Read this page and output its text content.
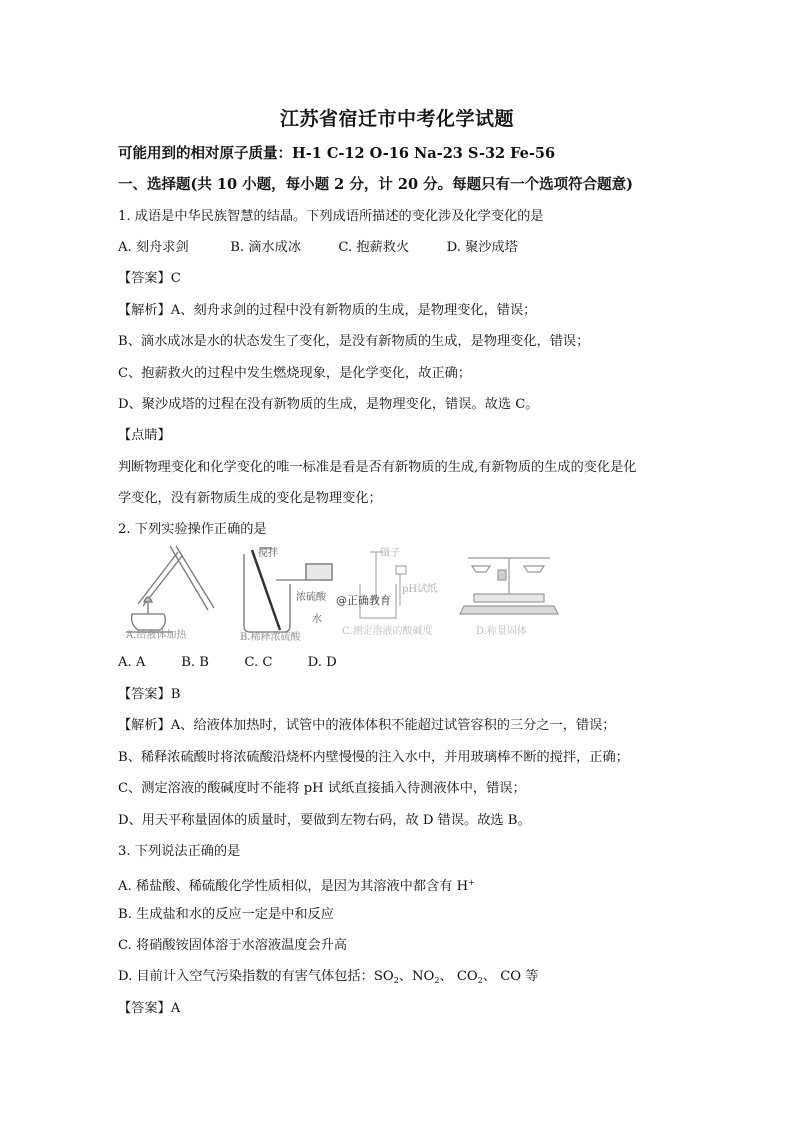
江苏省宿迁市中考化学试题
可能用到的相对原子质量：H-1 C-12 O-16 Na-23 S-32 Fe-56
一、选择题(共 10 小题，每小题 2 分，计 20 分。每题只有一个选项符合题意)
1. 成语是中华民族智慧的结晶。下列成语所描述的变化涉及化学变化的是
A. 刻舟求剑	B. 滴水成冰	C. 抱薪救火	D. 聚沙成塔
【答案】C
【解析】A、刻舟求剑的过程中没有新物质的生成，是物理变化，错误；
B、滴水成冰是水的状态发生了变化，是没有新物质的生成，是物理变化，错误；
C、抱薪救火的过程中发生燃烧现象，是化学变化，故正确；
D、聚沙成塔的过程在没有新物质的生成，是物理变化，错误。故选 C。
【点睛】
判断物理变化和化学变化的唯一标准是看是否有新物质的生成,有新物质的生成的变化是化
学变化，没有新物质生成的变化是物理变化；
2. 下列实验操作正确的是
A.给液体加热
搅拌
浓硫酸
水
B.稀释浓硫酸
镊子
pH试纸
@正确教育
C.测定溶液的酸碱度	D.称量固体
A. A	B. B	C. C	D. D
【答案】B
【解析】A、给液体加热时，试管中的液体体积不能超过试管容积的三分之一，错误；
B、稀释浓硫酸时将浓硫酸沿烧杯内壁慢慢的注入水中，并用玻璃棒不断的搅拌，正确；
C、测定溶液的酸碱度时不能将 pH 试纸直接插入待测液体中，错误；
D、用天平称量固体的质量时，要做到左物右码，故 D 错误。故选 B。
3. 下列说法正确的是
A. 稀盐酸、稀硫酸化学性质相似，是因为其溶液中都含有 H+
B. 生成盐和水的反应一定是中和反应
C. 将硝酸铵固体溶于水溶液温度会升高
D. 目前计入空气污染指数的有害气体包括：$SO_2$、$NO_2$、 $CO_2$、 CO 等
【答案】A
